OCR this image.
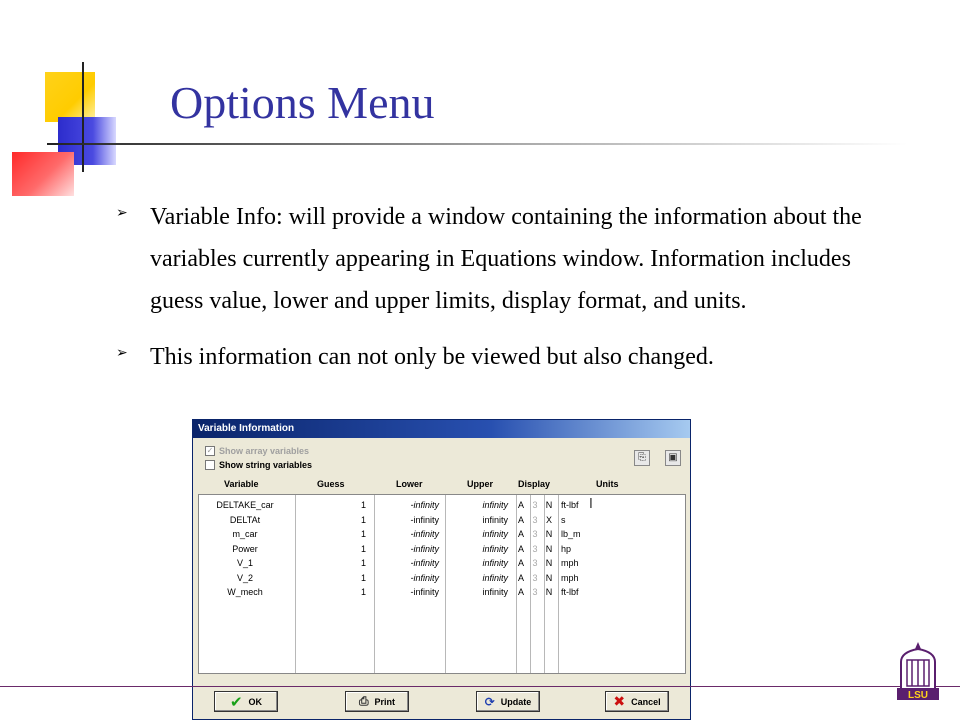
Options Menu
➢ Variable Info: will provide a window containing the information about the variables currently appearing in Equations window. Information includes guess value, lower and upper limits, display format, and units.
➢ This information can not only be viewed but also changed.
Variable Information
✓ Show array variables
Show string variables
⎘	▣
Variable	Guess	Lower	Upper	Display	Units
DELTAKE_car	1	-infinity	infinity A 3 N ft-lbf
DELTAt	1	-infinity	infinity A 3 X s
m_car	1	-infinity	infinity A 3 N lb_m
Power	1	-infinity	infinity A 3 N hp
V_1	1	-infinity	infinity A 3 N mph
V_2	1	-infinity	infinity A 3 N mph
W_mech	1	-infinity	infinity A 3 N ft-lbf
I
✔ OK	⎙ Print	⟳ Update	✖ Cancel
LSU
